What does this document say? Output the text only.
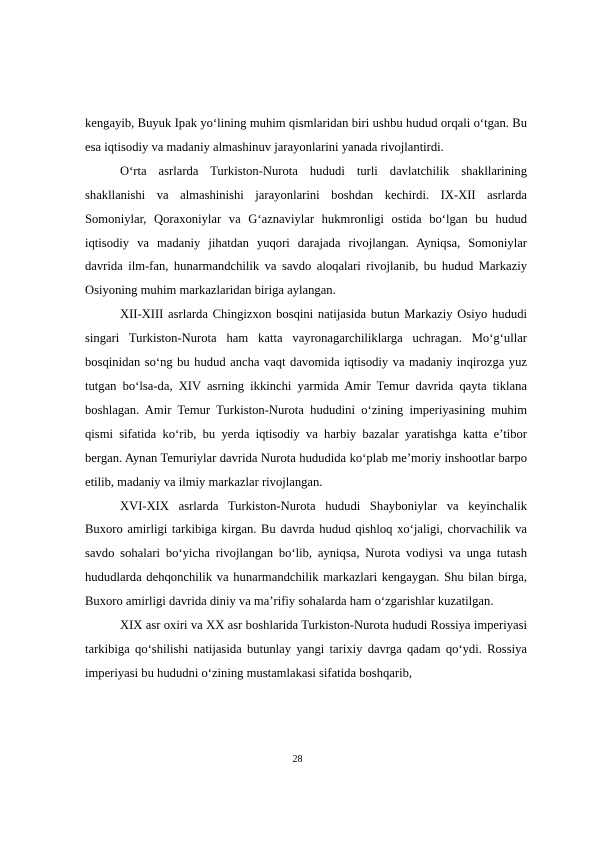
kengayib, Buyuk Ipak yo‘lining muhim qismlaridan biri ushbu hudud orqali o‘tgan. Bu esa iqtisodiy va madaniy almashinuv jarayonlarini yanada rivojlantirdi.

O‘rta asrlarda Turkiston-Nurota hududi turli davlatchilik shakllarining shakllanishi va almashinishi jarayonlarini boshdan kechirdi. IX-XII asrlarda Somoniylar, Qoraxoniylar va G‘aznaviylar hukmronligi ostida bo‘lgan bu hudud iqtisodiy va madaniy jihatdan yuqori darajada rivojlangan. Ayniqsa, Somoniylar davrida ilm-fan, hunarmandchilik va savdo aloqalari rivojlanib, bu hudud Markaziy Osiyoning muhim markazlaridan biriga aylangan.

XII-XIII asrlarda Chingizxon bosqini natijasida butun Markaziy Osiyo hududi singari Turkiston-Nurota ham katta vayronagarchiliklarga uchragan. Mo‘g‘ullar bosqinidan so‘ng bu hudud ancha vaqt davomida iqtisodiy va madaniy inqirozga yuz tutgan bo‘lsa-da, XIV asrning ikkinchi yarmida Amir Temur davrida qayta tiklana boshlagan. Amir Temur Turkiston-Nurota hududini o‘zining imperiyasining muhim qismi sifatida ko‘rib, bu yerda iqtisodiy va harbiy bazalar yaratishga katta e’tibor bergan. Aynan Temuriylar davrida Nurota hududida ko‘plab me’moriy inshootlar barpo etilib, madaniy va ilmiy markazlar rivojlangan.

XVI-XIX asrlarda Turkiston-Nurota hududi Shayboniylar va keyinchalik Buxoro amirligi tarkibiga kirgan. Bu davrda hudud qishloq xo‘jaligi, chorvachilik va savdo sohalari bo‘yicha rivojlangan bo‘lib, ayniqsa, Nurota vodiysi va unga tutash hududlarda dehqonchilik va hunarmandchilik markazlari kengaygan. Shu bilan birga, Buxoro amirligi davrida diniy va ma’rifiy sohalarda ham o‘zgarishlar kuzatilgan.

XIX asr oxiri va XX asr boshlarida Turkiston-Nurota hududi Rossiya imperiyasi tarkibiga qo‘shilishi natijasida butunlay yangi tarixiy davrga qadam qo‘ydi. Rossiya imperiyasi bu hududni o‘zining mustamlakasi sifatida boshqarib,

28
